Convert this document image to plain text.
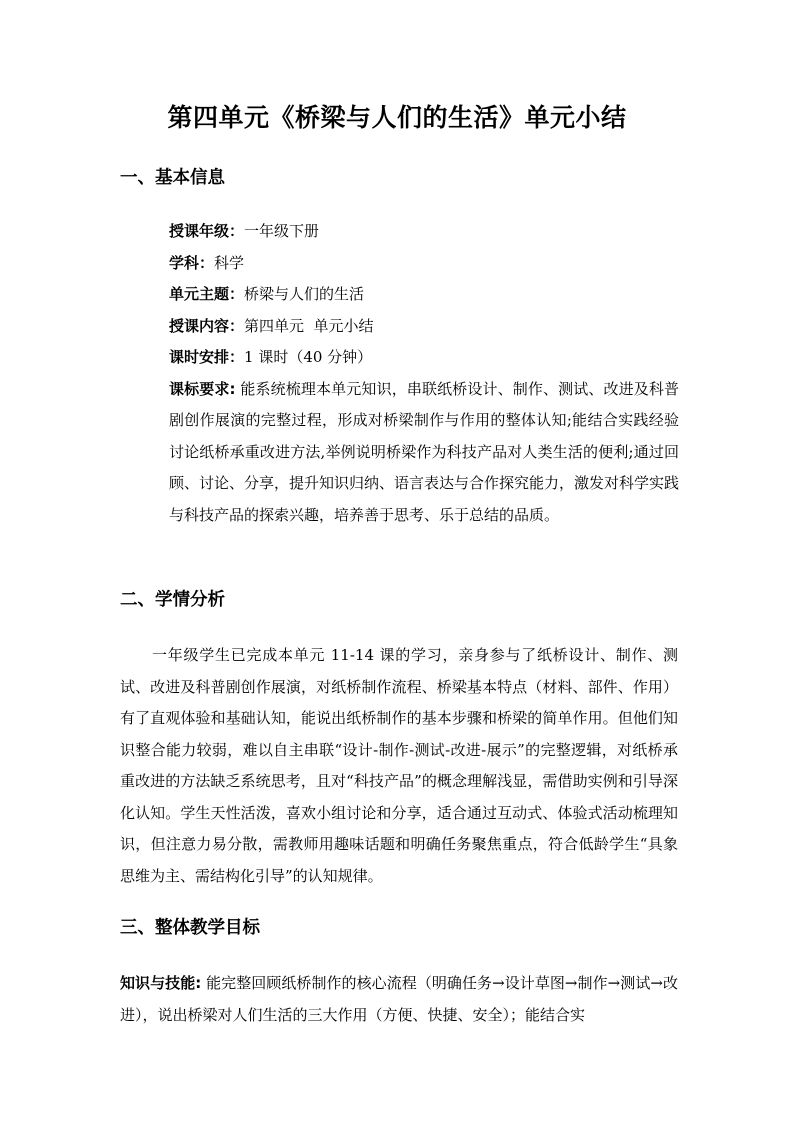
第四单元《桥梁与人们的生活》单元小结
一、基本信息
授课年级：一年级下册
学科：科学
单元主题：桥梁与人们的生活
授课内容：第四单元  单元小结
课时安排：1 课时（40 分钟）
课标要求: 能系统梳理本单元知识，串联纸桥设计、制作、测试、改进及科普剧创作展演的完整过程，形成对桥梁制作与作用的整体认知;能结合实践经验讨论纸桥承重改进方法,举例说明桥梁作为科技产品对人类生活的便利;通过回顾、讨论、分享，提升知识归纳、语言表达与合作探究能力，激发对科学实践与科技产品的探索兴趣，培养善于思考、乐于总结的品质。
二、学情分析
一年级学生已完成本单元 11-14 课的学习，亲身参与了纸桥设计、制作、测试、改进及科普剧创作展演，对纸桥制作流程、桥梁基本特点（材料、部件、作用）有了直观体验和基础认知，能说出纸桥制作的基本步骤和桥梁的简单作用。但他们知识整合能力较弱，难以自主串联“设计-制作-测试-改进-展示”的完整逻辑，对纸桥承重改进的方法缺乏系统思考，且对“科技产品”的概念理解浅显，需借助实例和引导深化认知。学生天性活泼，喜欢小组讨论和分享，适合通过互动式、体验式活动梳理知识，但注意力易分散，需教师用趣味话题和明确任务聚焦重点，符合低龄学生“具象思维为主、需结构化引导”的认知规律。
三、整体教学目标
知识与技能: 能完整回顾纸桥制作的核心流程（明确任务→设计草图→制作→测试→改进），说出桥梁对人们生活的三大作用（方便、快捷、安全）；能结合实
